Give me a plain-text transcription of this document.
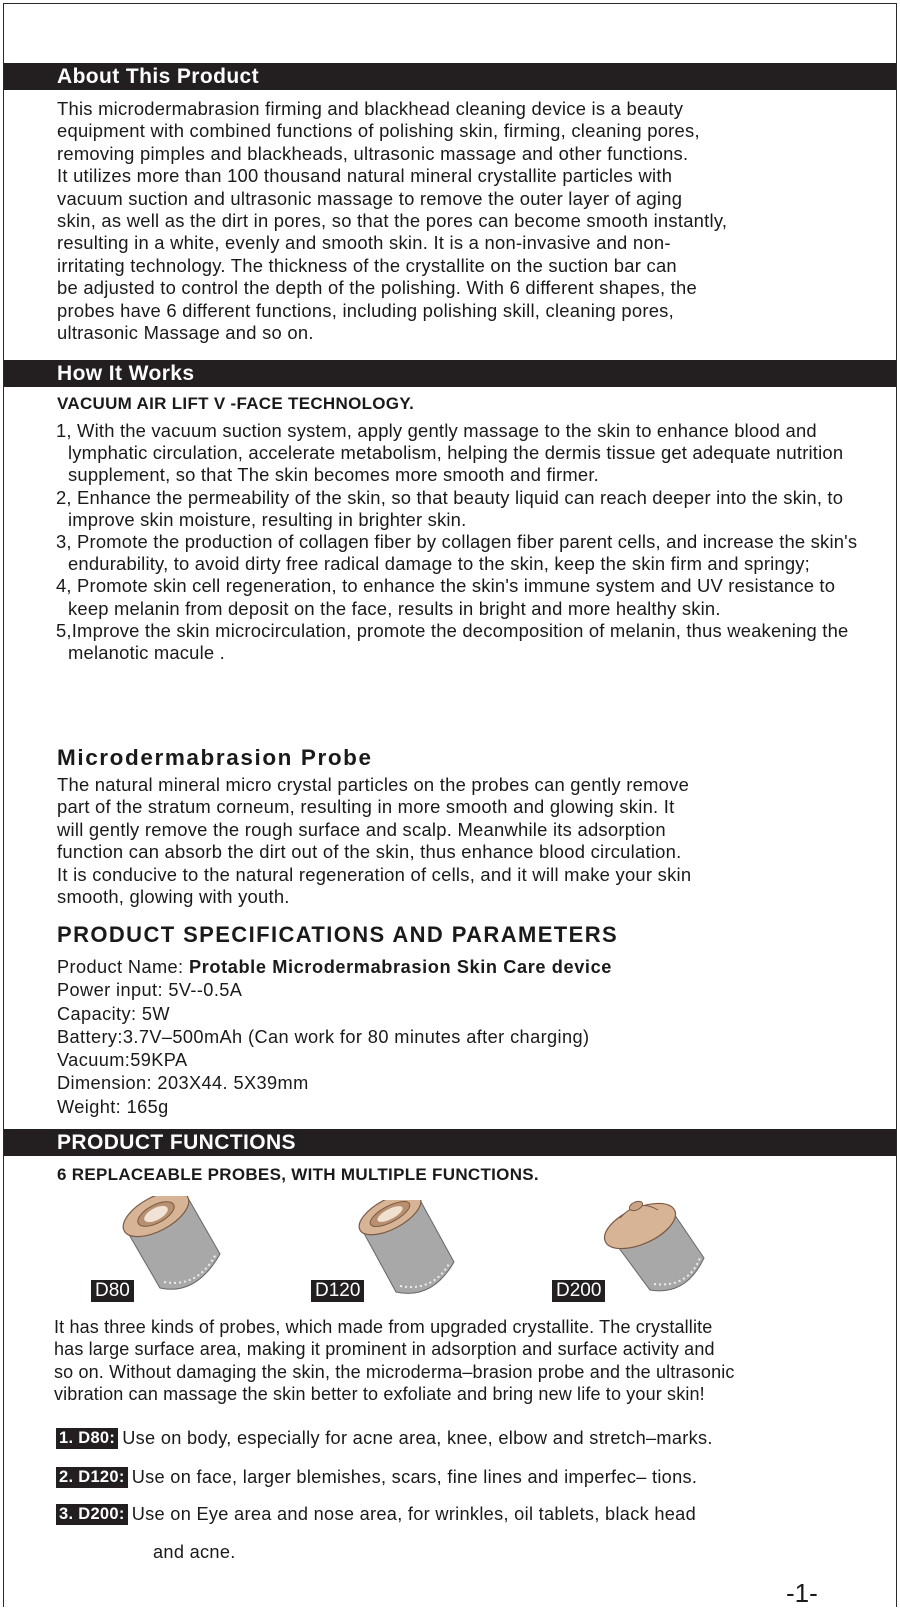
About This Product
This microdermabrasion firming and blackhead cleaning device is a beauty
equipment with combined functions of polishing skin, firming, cleaning pores,
removing pimples and blackheads, ultrasonic massage and other functions.
It utilizes more than 100 thousand natural mineral crystallite particles with
vacuum suction and ultrasonic massage to remove the outer layer of aging
skin, as well as the dirt in pores, so that the pores can become smooth instantly,
resulting in a white, evenly and smooth skin. It is a non-invasive and non-
irritating technology. The thickness of the crystallite on the suction bar can
be adjusted to control the depth of the polishing. With 6 different shapes, the
probes have 6 different functions, including polishing skill, cleaning pores,
ultrasonic Massage and so on.
How It Works
VACUUM AIR LIFT V -FACE TECHNOLOGY.
1, With the vacuum suction system, apply gently massage to the skin to enhance blood and lymphatic circulation, accelerate metabolism, helping the dermis tissue get adequate nutrition supplement, so that The skin becomes more smooth and firmer.
2, Enhance the permeability of the skin, so that beauty liquid can reach deeper into the skin, to improve skin moisture, resulting in brighter skin.
3, Promote the production of collagen fiber by collagen fiber parent cells, and increase the skin's endurability, to avoid dirty free radical damage to the skin, keep the skin firm and springy;
4, Promote skin cell regeneration, to enhance the skin's immune system and UV resistance to keep melanin from deposit on the face, results in bright and more healthy skin.
5,Improve the skin microcirculation, promote the decomposition of melanin, thus weakening the melanotic macule .
Microdermabrasion Probe
The natural mineral micro crystal particles on the probes can gently remove
part of the stratum corneum, resulting in more smooth and glowing skin. It
will gently remove the rough surface and scalp. Meanwhile its adsorption
function can absorb the dirt out of the skin, thus enhance blood circulation.
It is conducive to the natural regeneration of cells, and it will make your skin
smooth, glowing with youth.
PRODUCT SPECIFICATIONS AND PARAMETERS
Product Name: Protable Microdermabrasion Skin Care device
Power input: 5V--0.5A
Capacity: 5W
Battery:3.7V–500mAh (Can work for 80 minutes after charging)
Vacuum:59KPA
Dimension: 203X44. 5X39mm
Weight: 165g
PRODUCT FUNCTIONS
6 REPLACEABLE PROBES, WITH MULTIPLE FUNCTIONS.
D80	D120	D200
It has three kinds of probes, which made from upgraded crystallite. The crystallite
has large surface area, making it prominent in adsorption and surface activity and
so on. Without damaging the skin, the microderma–brasion probe and the ultrasonic
vibration can massage the skin better to exfoliate and bring new life to your skin!
1. D80: Use on body, especially for acne area, knee, elbow and stretch–marks.
2. D120: Use on face, larger blemishes, scars, fine lines and imperfec– tions.
3. D200: Use on Eye area and nose area, for wrinkles, oil tablets, black head
and acne.
-1-
